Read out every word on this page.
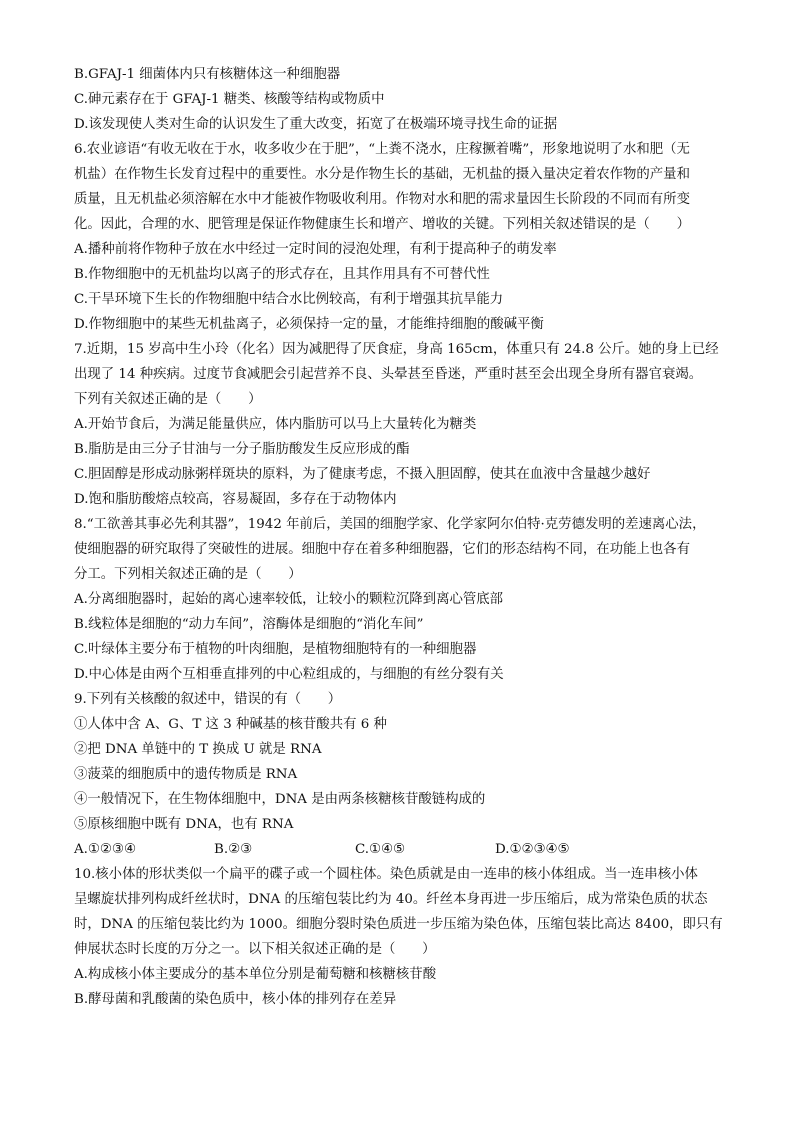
B.GFAJ-1 细菌体内只有核糖体这一种细胞器
C.砷元素存在于 GFAJ-1 糖类、核酸等结构或物质中
D.该发现使人类对生命的认识发生了重大改变，拓宽了在极端环境寻找生命的证据
6.农业谚语“有收无收在于水，收多收少在于肥”，“上粪不浇水，庄稼撅着嘴”，形象地说明了水和肥（无
机盐）在作物生长发育过程中的重要性。水分是作物生长的基础，无机盐的摄入量决定着农作物的产量和
质量，且无机盐必须溶解在水中才能被作物吸收利用。作物对水和肥的需求量因生长阶段的不同而有所变
化。因此，合理的水、肥管理是保证作物健康生长和增产、增收的关键。下列相关叙述错误的是（　　）
A.播种前将作物种子放在水中经过一定时间的浸泡处理，有利于提高种子的萌发率
B.作物细胞中的无机盐均以离子的形式存在，且其作用具有不可替代性
C.干旱环境下生长的作物细胞中结合水比例较高，有利于增强其抗旱能力
D.作物细胞中的某些无机盐离子，必须保持一定的量，才能维持细胞的酸碱平衡
7.近期，15 岁高中生小玲（化名）因为减肥得了厌食症，身高 165cm，体重只有 24.8 公斤。她的身上已经
出现了 14 种疾病。过度节食减肥会引起营养不良、头晕甚至昏迷，严重时甚至会出现全身所有器官衰竭。
下列有关叙述正确的是（　　）
A.开始节食后，为满足能量供应，体内脂肪可以马上大量转化为糖类
B.脂肪是由三分子甘油与一分子脂肪酸发生反应形成的酯
C.胆固醇是形成动脉粥样斑块的原料，为了健康考虑，不摄入胆固醇，使其在血液中含量越少越好
D.饱和脂肪酸熔点较高，容易凝固，多存在于动物体内
8.“工欲善其事必先利其器”，1942 年前后，美国的细胞学家、化学家阿尔伯特·克劳德发明的差速离心法，
使细胞器的研究取得了突破性的进展。细胞中存在着多种细胞器，它们的形态结构不同，在功能上也各有
分工。下列相关叙述正确的是（　　）
A.分离细胞器时，起始的离心速率较低，让较小的颗粒沉降到离心管底部
B.线粒体是细胞的“动力车间”，溶酶体是细胞的“消化车间”
C.叶绿体主要分布于植物的叶肉细胞，是植物细胞特有的一种细胞器
D.中心体是由两个互相垂直排列的中心粒组成的，与细胞的有丝分裂有关
9.下列有关核酸的叙述中，错误的有（　　）
①人体中含 A、G、T 这 3 种碱基的核苷酸共有 6 种
②把 DNA 单链中的 T 换成 U 就是 RNA
③菠菜的细胞质中的遗传物质是 RNA
④一般情况下，在生物体细胞中，DNA 是由两条核糖核苷酸链构成的
⑤原核细胞中既有 DNA，也有 RNA
A.①②③④	B.②③	C.①④⑤	D.①②③④⑤
10.核小体的形状类似一个扁平的碟子或一个圆柱体。染色质就是由一连串的核小体组成。当一连串核小体
呈螺旋状排列构成纤丝状时，DNA 的压缩包装比约为 40。纤丝本身再进一步压缩后，成为常染色质的状态
时，DNA 的压缩包装比约为 1000。细胞分裂时染色质进一步压缩为染色体，压缩包装比高达 8400，即只有
伸展状态时长度的万分之一。以下相关叙述正确的是（　　）
A.构成核小体主要成分的基本单位分别是葡萄糖和核糖核苷酸
B.酵母菌和乳酸菌的染色质中，核小体的排列存在差异
